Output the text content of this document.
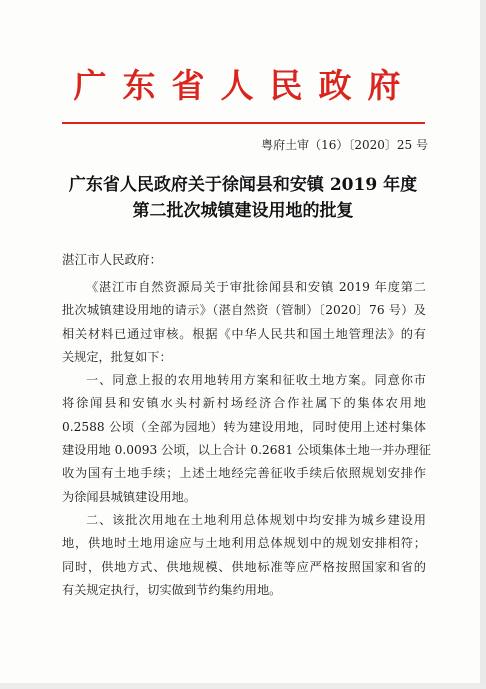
广东省人民政府
粤府土审（16）〔2020〕25 号
广东省人民政府关于徐闻县和安镇 2019 年度
第二批次城镇建设用地的批复
湛江市人民政府：
《湛江市自然资源局关于审批徐闻县和安镇 2019 年度第二
批次城镇建设用地的请示》（湛自然资（管制）〔2020〕76 号）及
相关材料已通过审核。根据《中华人民共和国土地管理法》的有
关规定，批复如下：
一、同意上报的农用地转用方案和征收土地方案。同意你市
将徐闻县和安镇水头村新村场经济合作社属下的集体农用地
0.2588 公顷（全部为园地）转为建设用地，同时使用上述村集体
建设用地 0.0093 公顷，以上合计 0.2681 公顷集体土地一并办理征
收为国有土地手续；上述土地经完善征收手续后依照规划安排作
为徐闻县城镇建设用地。
二、该批次用地在土地利用总体规划中均安排为城乡建设用
地，供地时土地用途应与土地利用总体规划中的规划安排相符；
同时，供地方式、供地规模、供地标准等应严格按照国家和省的
有关规定执行，切实做到节约集约用地。
